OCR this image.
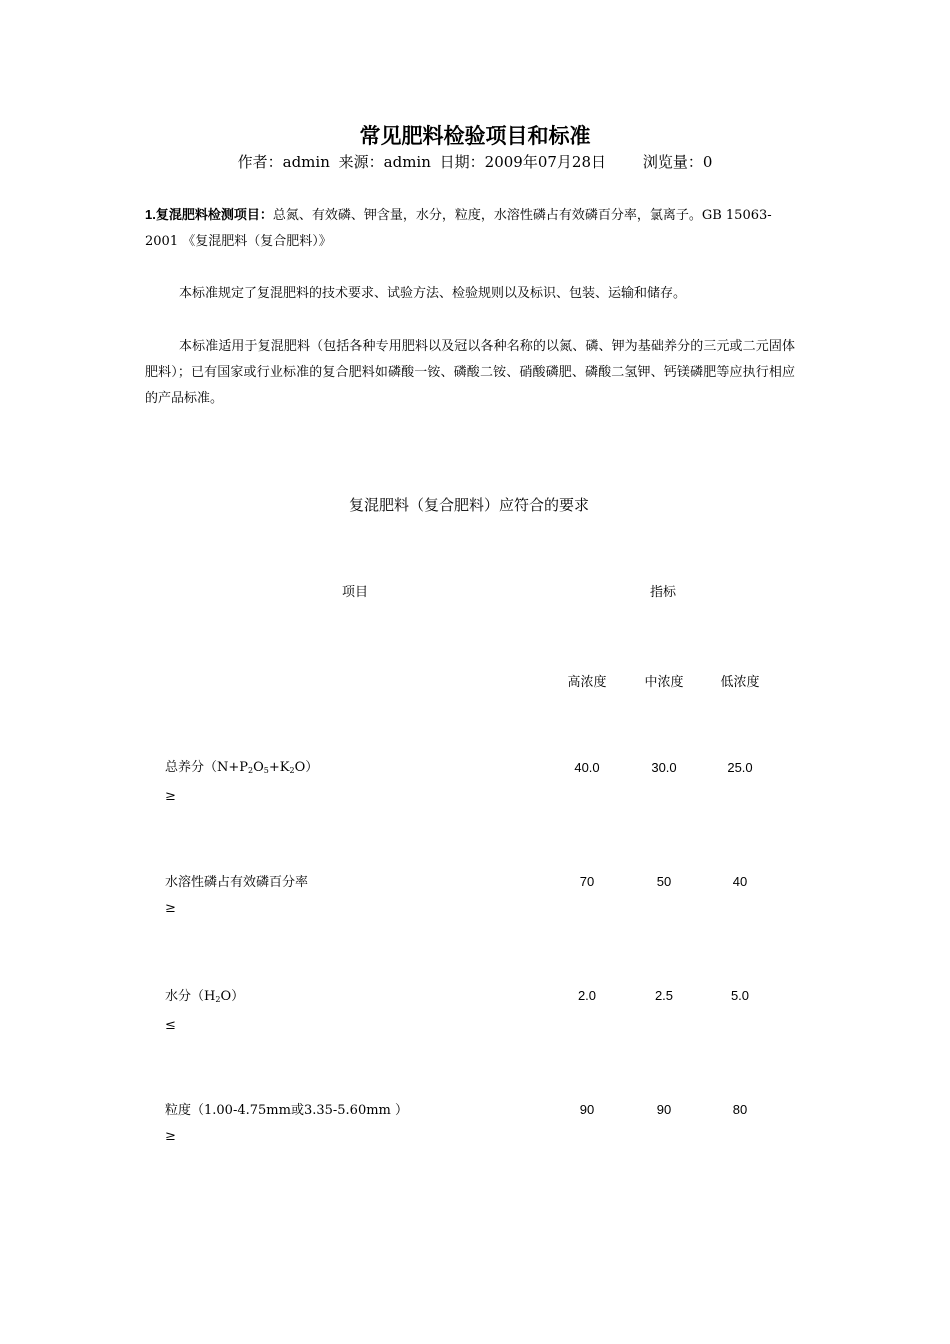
常见肥料检验项目和标准
作者：admin 来源：admin 日期：2009年07月28日 浏览量：0
1.复混肥料检测项目：总氮、有效磷、钾含量，水分，粒度，水溶性磷占有效磷百分率，氯离子。GB 15063-2001 《复混肥料（复合肥料）》
本标准规定了复混肥料的技术要求、试验方法、检验规则以及标识、包装、运输和储存。
本标准适用于复混肥料（包括各种专用肥料以及冠以各种名称的以氮、磷、钾为基础养分的三元或二元固体肥料）；已有国家或行业标准的复合肥料如磷酸一铵、磷酸二铵、硝酸磷肥、磷酸二氢钾、钙镁磷肥等应执行相应的产品标准。
复混肥料（复合肥料）应符合的要求
项目	指标
高浓度	中浓度	低浓度
总养分$(N+P_2O_5+K_2O)$
≥
40.0	30.0	25.0
水溶性磷占有效磷百分率
≥
70	50	40
水分$(H_2O)$
≤
2.0	2.5	5.0
粒度（1.00-4.75mm或3.35-5.60mm ）
≥
90	90	80
